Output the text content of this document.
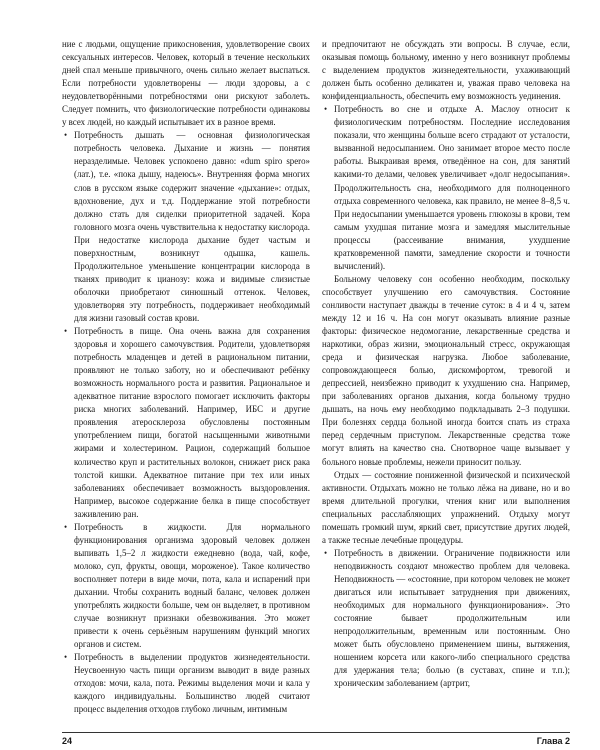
ние с людьми, ощущение прикосновения, удовлетворение своих сексуальных интересов. Человек, который в течение нескольких дней спал меньше привычного, очень сильно желает выспаться. Если потребности удовлетворены — люди здоровы, а с неудовлетворёнными потребностями они рискуют заболеть. Следует помнить, что физиологические потребности одинаковы у всех людей, но каждый испытывает их в разное время.

• Потребность дышать — основная физиологическая потребность человека. Дыхание и жизнь — понятия неразделимые. Человек успокоено давно: «dum spiro spero» (лат.), т.е. «пока дышу, надеюсь». Внутренняя форма многих слов в русском языке содержит значение «дыхание»: отдых, вдохновение, дух и т.д. Поддержание этой потребности должно стать для сиделки приоритетной задачей. Кора головного мозга очень чувствительна к недостатку кислорода. При недостатке кислорода дыхание будет частым и поверхностным, возникнут одышка, кашель. Продолжительное уменьшение концентрации кислорода в тканях приводит к цианозу: кожа и видимые слизистые оболочки приобретают синюшный оттенок. Человек, удовлетворяя эту потребность, поддерживает необходимый для жизни газовый состав крови.

• Потребность в пище. Она очень важна для сохранения здоровья и хорошего самочувствия. Родители, удовлетворяя потребность младенцев и детей в рациональном питании, проявляют не только заботу, но и обеспечивают ребёнку возможность нормального роста и развития. Рациональное и адекватное питание взрослого помогает исключить факторы риска многих заболеваний. Например, ИБС и другие проявления атеросклероза обусловлены постоянным употреблением пищи, богатой насыщенными животными жирами и холестерином. Рацион, содержащий большое количество круп и растительных волокон, снижает риск рака толстой кишки. Адекватное питание при тех или иных заболеваниях обеспечивает возможность выздоровления. Например, высокое содержание белка в пище способствует заживлению ран.

• Потребность в жидкости. Для нормального функционирования организма здоровый человек должен выпивать 1,5–2 л жидкости ежедневно (вода, чай, кофе, молоко, суп, фрукты, овощи, мороженое). Такое количество восполняет потери в виде мочи, пота, кала и испарений при дыхании. Чтобы сохранить водный баланс, человек должен употреблять жидкости больше, чем он выделяет, в противном случае возникнут признаки обезвоживания. Это может привести к очень серьёзным нарушениям функций многих органов и систем.

• Потребность в выделении продуктов жизнедеятельности. Неусвоенную часть пищи организм выводит в виде разных отходов: мочи, кала, пота. Режимы выделения мочи и кала у каждого индивидуальны. Большинство людей считают процесс выделения отходов глубоко личным, интимным

и предпочитают не обсуждать эти вопросы. В случае, если, оказывая помощь больному, именно у него возникнут проблемы с выделением продуктов жизнедеятельности, ухаживающий должен быть особенно деликатен и, уважая право человека на конфиденциальность, обеспечить ему возможность уединения.

• Потребность во сне и отдыхе А. Маслоу относит к физиологическим потребностям. Последние исследования показали, что женщины больше всего страдают от усталости, вызванной недосыпанием. Оно занимает второе место после работы. Выкраивая время, отведённое на сон, для занятий какими-то делами, человек увеличивает «долг недосыпания». Продолжительность сна, необходимого для полноценного отдыха современного человека, как правило, не менее 8–8,5 ч. При недосыпании уменьшается уровень глюкозы в крови, тем самым ухудшая питание мозга и замедляя мыслительные процессы (рассеивание внимания, ухудшение кратковременной памяти, замедление скорости и точности вычислений).

Больному человеку сон особенно необходим, поскольку способствует улучшению его самочувствия. Состояние сонливости наступает дважды в течение суток: в 4 и 4 ч, затем между 12 и 16 ч. На сон могут оказывать влияние разные факторы: физическое недомогание, лекарственные средства и наркотики, образ жизни, эмоциональный стресс, окружающая среда и физическая нагрузка. Любое заболевание, сопровождающееся болью, дискомфортом, тревогой и депрессией, неизбежно приводит к ухудшению сна. Например, при заболеваниях органов дыхания, когда больному трудно дышать, на ночь ему необходимо подкладывать 2–3 подушки. При болезнях сердца больной иногда боится спать из страха перед сердечным приступом. Лекарственные средства тоже могут влиять на качество сна. Снотворное чаще вызывает у больного новые проблемы, нежели приносит пользу.

Отдых — состояние пониженной физической и психической активности. Отдыхать можно не только лёжа на диване, но и во время длительной прогулки, чтения книг или выполнения специальных расслабляющих упражнений. Отдыху могут помешать громкий шум, яркий свет, присутствие других людей, а также тесные лечебные процедуры.

• Потребность в движении. Ограничение подвижности или неподвижность создают множество проблем для человека. Неподвижность — «состояние, при котором человек не может двигаться или испытывает затруднения при движениях, необходимых для нормального функционирования». Это состояние бывает продолжительным или непродолжительным, временным или постоянным. Оно может быть обусловлено применением шины, вытяжения, ношением корсета или какого-либо специального средства для удержания тела; болью (в суставах, спине и т.п.); хроническим заболеванием (артрит,

24	Глава 2
